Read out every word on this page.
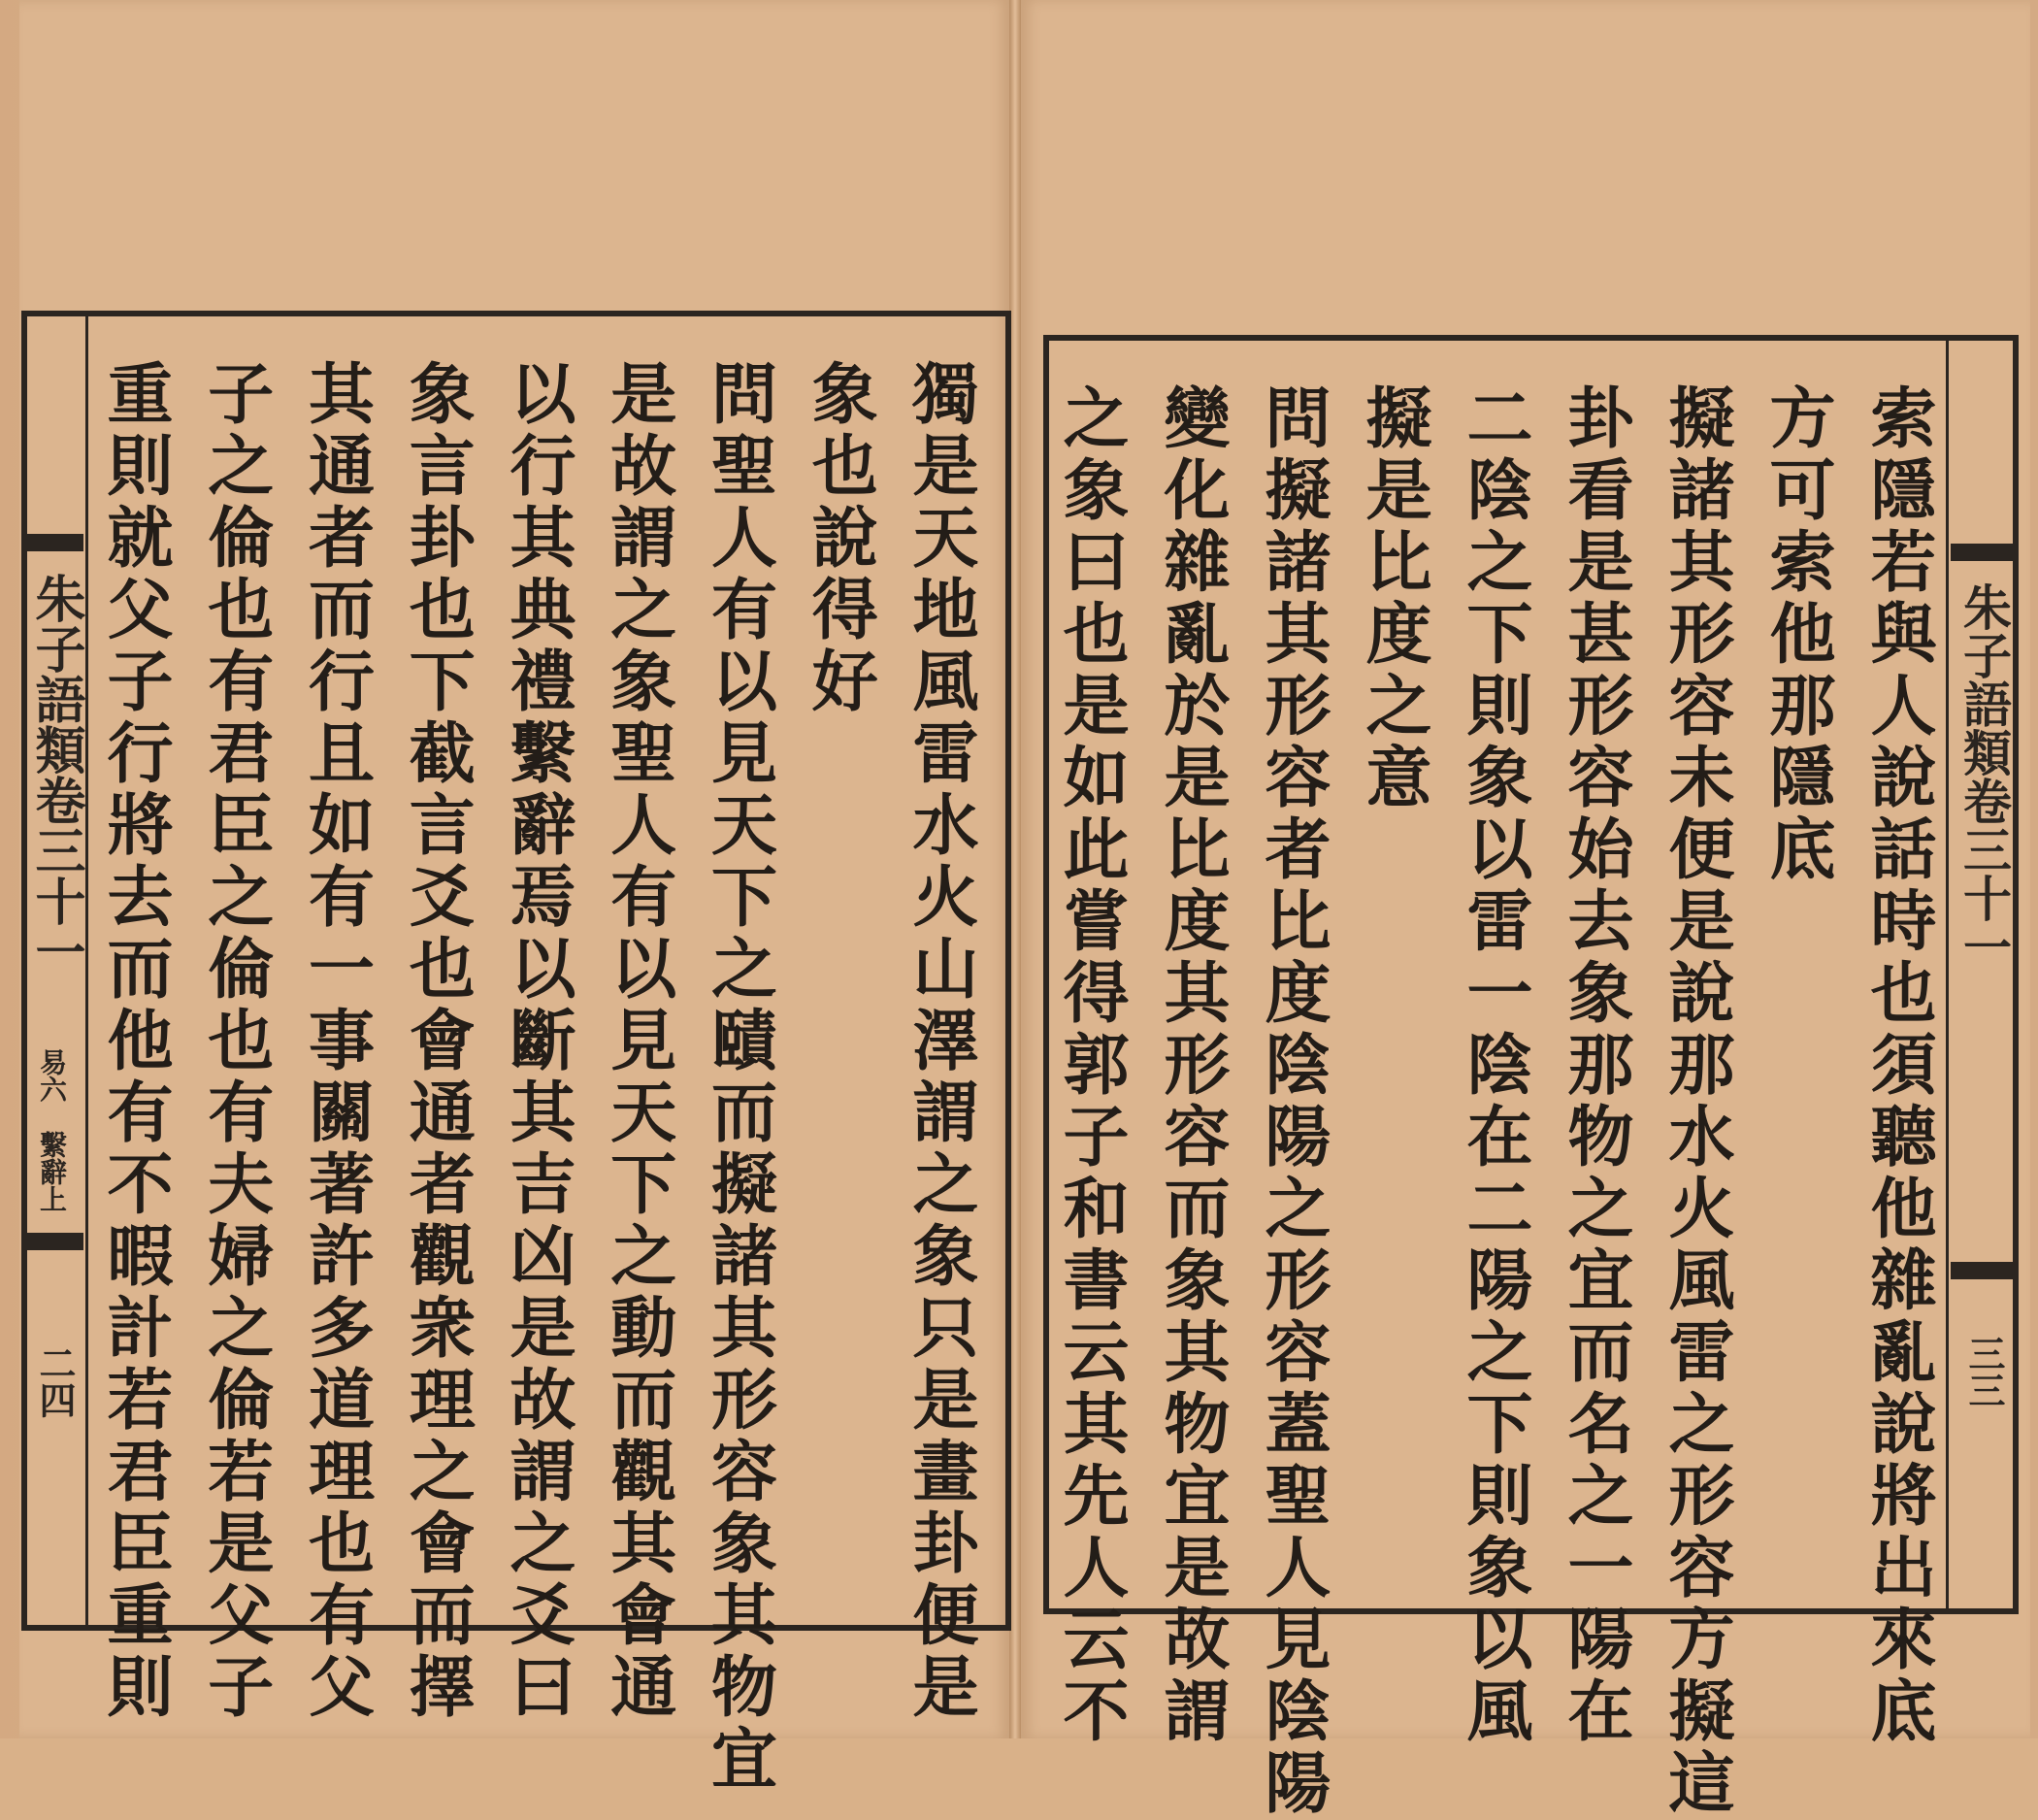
朱子語類卷三十一
易六
繫辭上
二四	獨是天地風雷水火山澤謂之象只是畫卦便是
象也說得好
問聖人有以見天下之賾而擬諸其形容象其物宜
是故謂之象聖人有以見天下之動而觀其會通
以行其典禮繫辭焉以斷其吉凶是故謂之爻曰
象言卦也下截言爻也會通者觀衆理之會而擇
其通者而行且如有一事關著許多道理也有父
子之倫也有君臣之倫也有夫婦之倫若是父子
重則就父子行將去而他有不暇計若君臣重則	朱子語類卷三十一
三三
索隱若與人說話時也須聽他雜亂說將出來底
方可索他那隱底
擬諸其形容未便是說那水火風雷之形容方擬這
卦看是甚形容始去象那物之宜而名之一陽在
二陰之下則象以雷一陰在二陽之下則象以風
擬是比度之意
問擬諸其形容者比度陰陽之形容蓋聖人見陰陽
變化雜亂於是比度其形容而象其物宜是故謂
之象曰也是如此嘗得郭子和書云其先人云不
